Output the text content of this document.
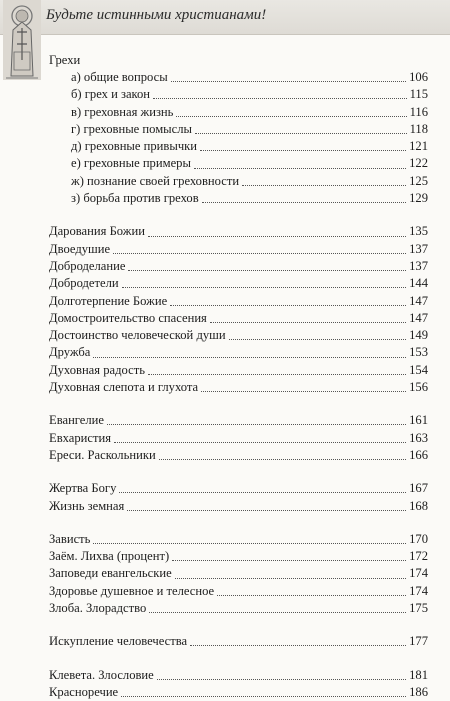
Будьте истинными христианами!
Грехи
а) общие вопросы	106
б) грех и закон	115
в) греховная жизнь	116
г) греховные помыслы	118
д) греховные привычки	121
е) греховные примеры	122
ж) познание своей греховности	125
з) борьба против грехов	129
Дарования Божии	135
Двоедушие	137
Доброделание	137
Добродетели	144
Долготерпение Божие	147
Домостроительство спасения	147
Достоинство человеческой души	149
Дружба	153
Духовная радость	154
Духовная слепота и глухота	156
Евангелие	161
Евхаристия	163
Ереси. Раскольники	166
Жертва Богу	167
Жизнь земная	168
Зависть	170
Заём. Лихва (процент)	172
Заповеди евангельские	174
Здоровье душевное и телесное	174
Злоба. Злорадство	175
Искупление человечества	177
Клевета. Злословие	181
Красноречие	186
